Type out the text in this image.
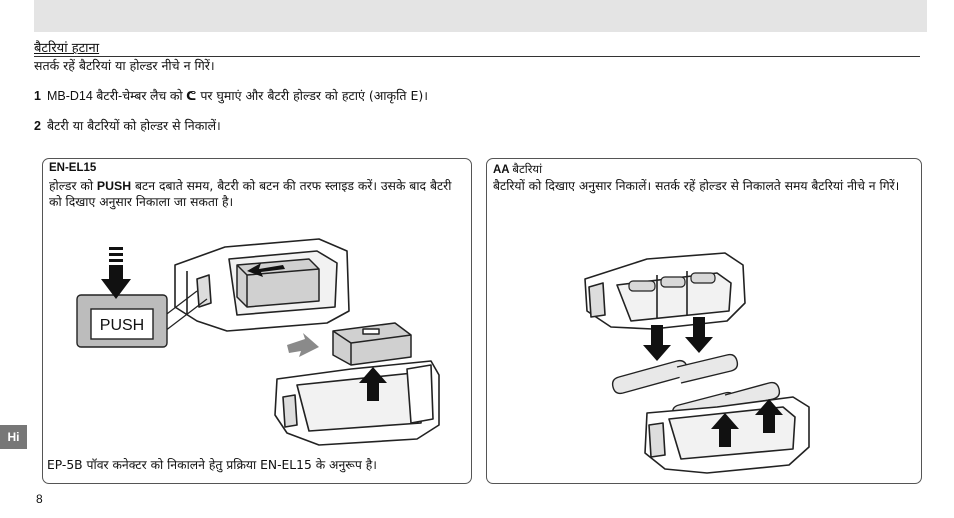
बैटरियां हटाना
सतर्क रहें बैटरियां या होल्डर नीचे न गिरें।
1 MB-D14 बैटरी-चेम्बर लैच को ᕦ पर घुमाएं और बैटरी होल्डर को हटाएं (आकृति E)।
2 बैटरी या बैटरियों को होल्डर से निकालें।
EN-EL15
होल्डर को PUSH बटन दबाते समय, बैटरी को बटन की तरफ स्लाइड करें। उसके बाद बैटरी को दिखाए अनुसार निकाला जा सकता है।
PUSH
EP-5B पॉवर कनेक्टर को निकालने हेतु प्रक्रिया EN-EL15 के अनुरूप है।
AA बैटरियां
बैटरियों को दिखाए अनुसार निकालें। सतर्क रहें होल्डर से निकालते समय बैटरियां नीचे न गिरें।
Hi
8
